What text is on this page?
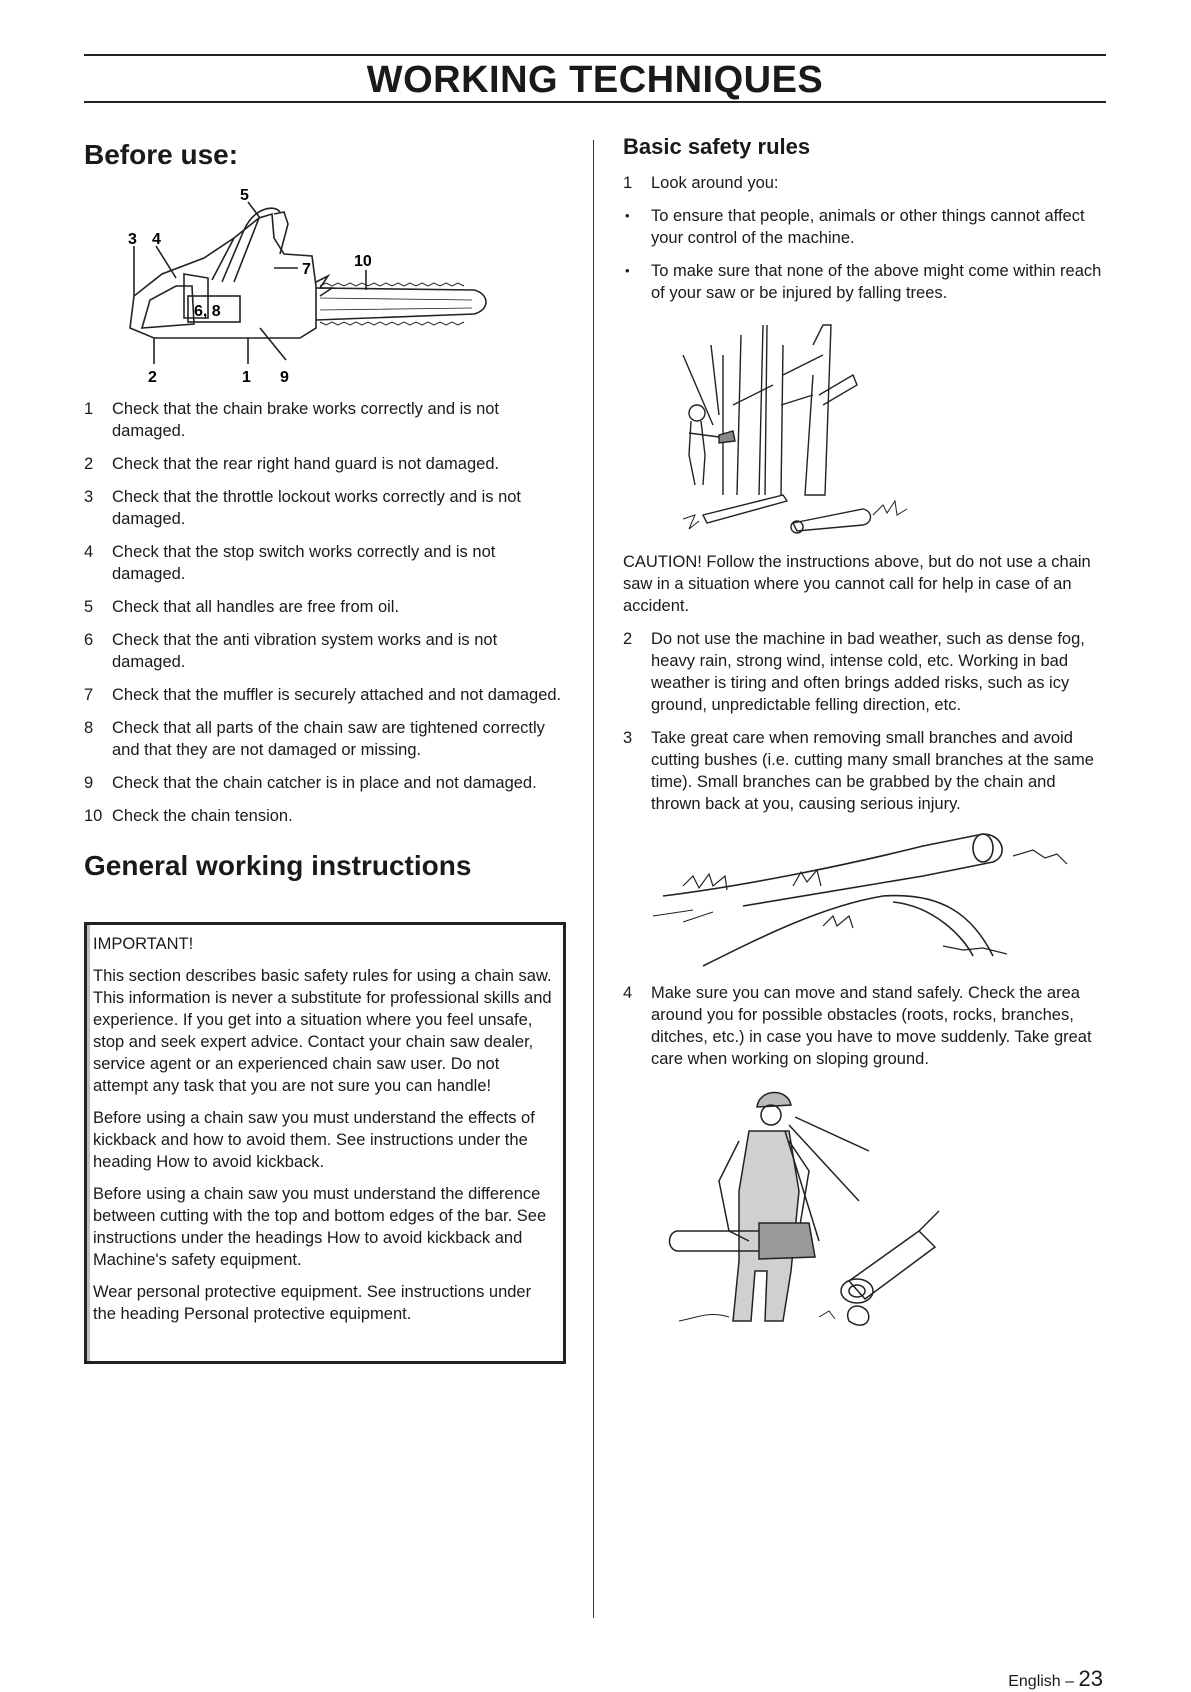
WORKING TECHNIQUES
Before use:
3 4
5
7	10
6, 8
2	1 9
1 Check that the chain brake works correctly and is not damaged.
2 Check that the rear right hand guard is not damaged.
3 Check that the throttle lockout works correctly and is not damaged.
4 Check that the stop switch works correctly and is not damaged.
5 Check that all handles are free from oil.
6 Check that the anti vibration system works and is not damaged.
7 Check that the muffler is securely attached and not damaged.
8 Check that all parts of the chain saw are tightened correctly and that they are not damaged or missing.
9 Check that the chain catcher is in place and not damaged.
10 Check the chain tension.
General working instructions

IMPORTANT!

This section describes basic safety rules for using a chain saw. This information is never a substitute for professional skills and experience. If you get into a situation where you feel unsafe, stop and seek expert advice. Contact your chain saw dealer, service agent or an experienced chain saw user. Do not attempt any task that you are not sure you can handle!

Before using a chain saw you must understand the effects of kickback and how to avoid them. See instructions under the heading How to avoid kickback.

Before using a chain saw you must understand the difference between cutting with the top and bottom edges of the bar. See instructions under the headings How to avoid kickback and Machine's safety equipment.

Wear personal protective equipment. See instructions under the heading Personal protective equipment.

Basic safety rules
1 Look around you:
• To ensure that people, animals or other things cannot affect your control of the machine.
• To make sure that none of the above might come within reach of your saw or be injured by falling trees.

CAUTION! Follow the instructions above, but do not use a chain saw in a situation where you cannot call for help in case of an accident.

2 Do not use the machine in bad weather, such as dense fog, heavy rain, strong wind, intense cold, etc. Working in bad weather is tiring and often brings added risks, such as icy ground, unpredictable felling direction, etc.
3 Take great care when removing small branches and avoid cutting bushes (i.e. cutting many small branches at the same time). Small branches can be grabbed by the chain and thrown back at you, causing serious injury.
4 Make sure you can move and stand safely. Check the area around you for possible obstacles (roots, rocks, branches, ditches, etc.) in case you have to move suddenly. Take great care when working on sloping ground.
English – 23
